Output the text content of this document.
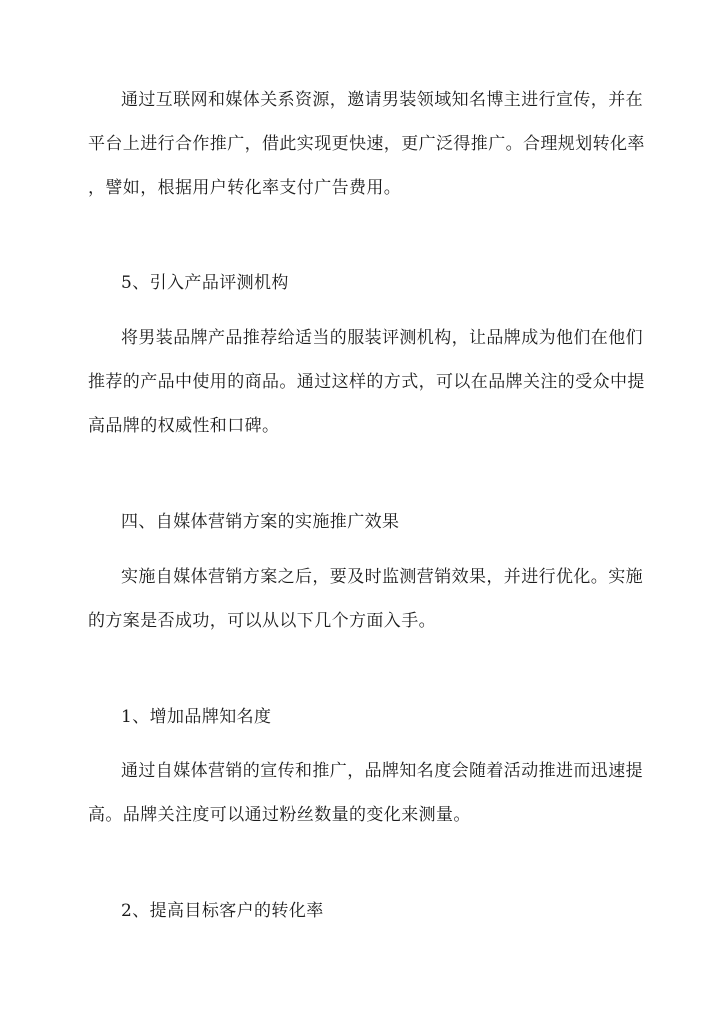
通过互联网和媒体关系资源，邀请男装领域知名博主进行宣传，并在
平台上进行合作推广，借此实现更快速，更广泛得推广。合理规划转化率
，譬如，根据用户转化率支付广告费用。
5、引入产品评测机构
将男装品牌产品推荐给适当的服装评测机构，让品牌成为他们在他们
推荐的产品中使用的商品。通过这样的方式，可以在品牌关注的受众中提
高品牌的权威性和口碑。
四、自媒体营销方案的实施推广效果
实施自媒体营销方案之后，要及时监测营销效果，并进行优化。实施
的方案是否成功，可以从以下几个方面入手。
1、增加品牌知名度
通过自媒体营销的宣传和推广，品牌知名度会随着活动推进而迅速提
高。品牌关注度可以通过粉丝数量的变化来测量。
2、提高目标客户的转化率
